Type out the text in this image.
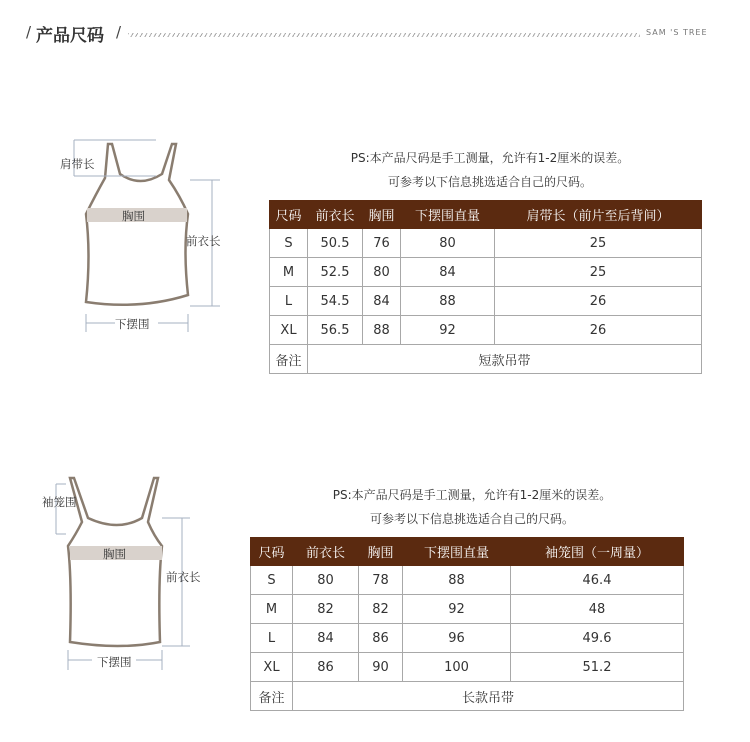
/ 产品尺码 /	SAM 'S TREE
肩带长
胸围
前衣长
下摆围
PS:本产品尺码是手工测量，允许有1-2厘米的误差。
可参考以下信息挑选适合自己的尺码。
尺码	前衣长	胸围	下摆围直量	肩带长（前片至后背间）
S	50.5	76	80	25
M	52.5	80	84	25
L	54.5	84	88	26
XL	56.5	88	92	26
备注	短款吊带			
袖笼围
胸围
前衣长
下摆围
PS:本产品尺码是手工测量，允许有1-2厘米的误差。
可参考以下信息挑选适合自己的尺码。
尺码	前衣长	胸围	下摆围直量	袖笼围（一周量）
S	80	78	88	46.4
M	82	82	92	48
L	84	86	96	49.6
XL	86	90	100	51.2
备注	长款吊带			
